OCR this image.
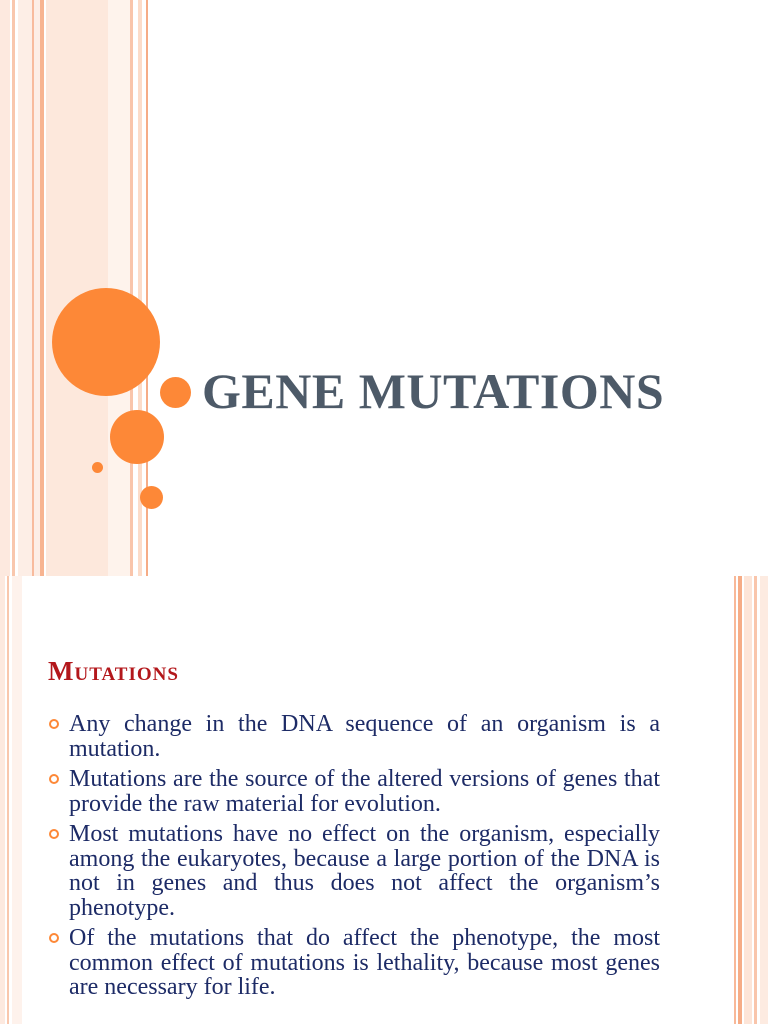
GENE MUTATIONS
Mutations
Any change in the DNA sequence of an organism is a mutation.
Mutations are the source of the altered versions of genes that provide the raw material for evolution.
Most mutations have no effect on the organism, especially among the eukaryotes, because a large portion of the DNA is not in genes and thus does not affect the organism’s phenotype.
Of the mutations that do affect the phenotype, the most common effect of mutations is lethality, because most genes are necessary for life.
